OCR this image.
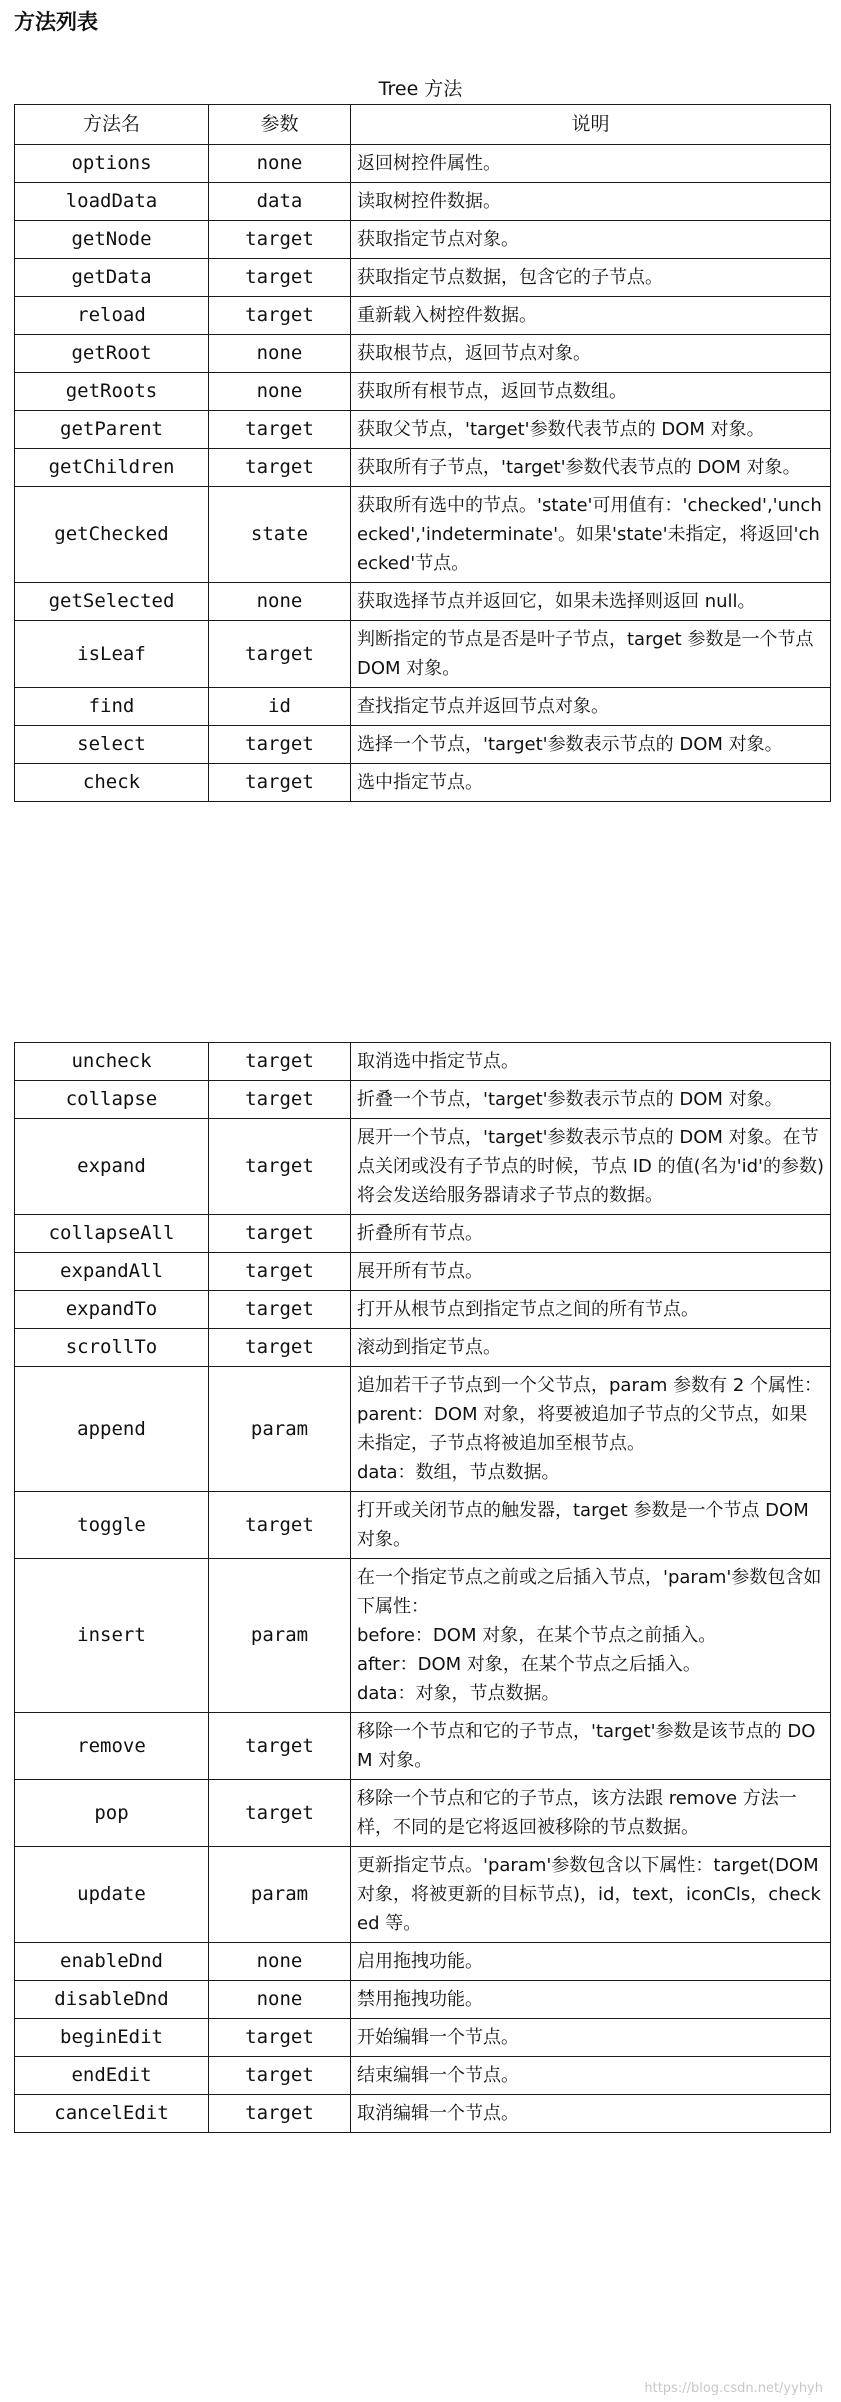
方法列表
Tree 方法
方法名	参数	说明
options	none	返回树控件属性。
loadData	data	读取树控件数据。
getNode	target	获取指定节点对象。
getData	target	获取指定节点数据，包含它的子节点。
reload	target	重新载入树控件数据。
getRoot	none	获取根节点，返回节点对象。
getRoots	none	获取所有根节点，返回节点数组。
getParent	target	获取父节点，'target'参数代表节点的 DOM 对象。
getChildren	target	获取所有子节点，'target'参数代表节点的 DOM 对象。
getChecked	state	获取所有选中的节点。'state'可用值有：'checked','unchecked','indeterminate'。如果'state'未指定，将返回'checked'节点。
getSelected	none	获取选择节点并返回它，如果未选择则返回 null。
isLeaf	target	判断指定的节点是否是叶子节点，target 参数是一个节点 DOM 对象。
find	id	查找指定节点并返回节点对象。
select	target	选择一个节点，'target'参数表示节点的 DOM 对象。
check	target	选中指定节点。
uncheck	target	取消选中指定节点。
collapse	target	折叠一个节点，'target'参数表示节点的 DOM 对象。
expand	target	展开一个节点，'target'参数表示节点的 DOM 对象。在节点关闭或没有子节点的时候，节点 ID 的值(名为'id'的参数)将会发送给服务器请求子节点的数据。
collapseAll	target	折叠所有节点。
expandAll	target	展开所有节点。
expandTo	target	打开从根节点到指定节点之间的所有节点。
scrollTo	target	滚动到指定节点。
append	param	追加若干子节点到一个父节点，param 参数有 2 个属性：
parent：DOM 对象，将要被追加子节点的父节点，如果未指定，子节点将被追加至根节点。
data：数组，节点数据。
toggle	target	打开或关闭节点的触发器，target 参数是一个节点 DOM 对象。
insert	param	在一个指定节点之前或之后插入节点，'param'参数包含如下属性：
before：DOM 对象，在某个节点之前插入。
after：DOM 对象，在某个节点之后插入。
data：对象，节点数据。
remove	target	移除一个节点和它的子节点，'target'参数是该节点的 DOM 对象。
pop	target	移除一个节点和它的子节点，该方法跟 remove 方法一样，不同的是它将返回被移除的节点数据。
update	param	更新指定节点。'param'参数包含以下属性：target(DOM 对象，将被更新的目标节点)，id，text，iconCls，checked 等。
enableDnd	none	启用拖拽功能。
disableDnd	none	禁用拖拽功能。
beginEdit	target	开始编辑一个节点。
endEdit	target	结束编辑一个节点。
cancelEdit	target	取消编辑一个节点。
https://blog.csdn.net/yyhyh
